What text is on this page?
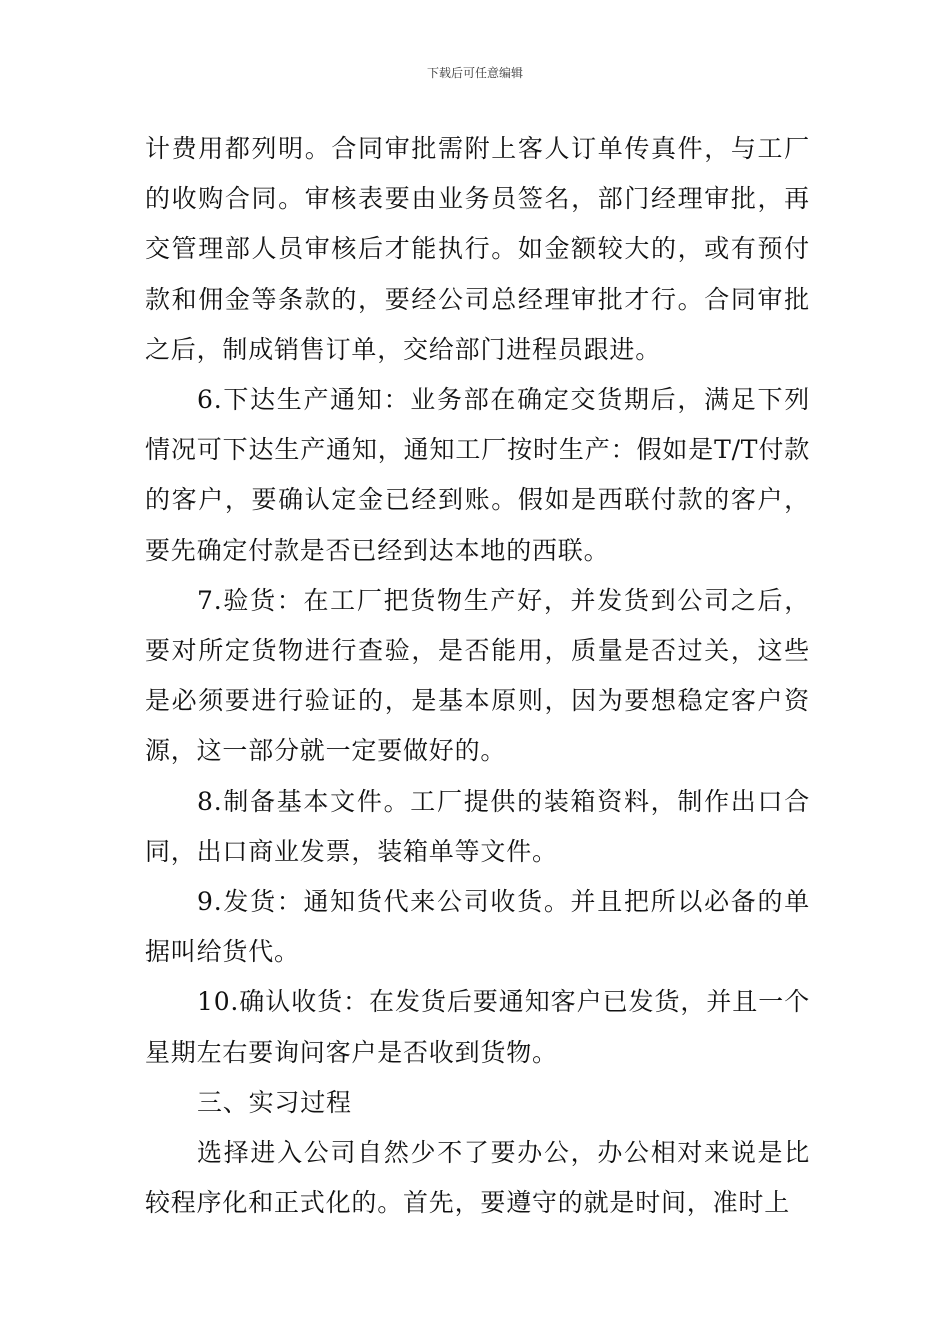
下载后可任意编辑

计费用都列明。合同审批需附上客人订单传真件，与工厂的收购合同。审核表要由业务员签名，部门经理审批，再交管理部人员审核后才能执行。如金额较大的，或有预付款和佣金等条款的，要经公司总经理审批才行。合同审批之后，制成销售订单，交给部门进程员跟进。

6.下达生产通知：业务部在确定交货期后，满足下列情况可下达生产通知，通知工厂按时生产：假如是T/T付款的客户，要确认定金已经到账。假如是西联付款的客户，要先确定付款是否已经到达本地的西联。

7.验货：在工厂把货物生产好，并发货到公司之后，要对所定货物进行查验，是否能用，质量是否过关，这些是必须要进行验证的，是基本原则，因为要想稳定客户资源，这一部分就一定要做好的。

8.制备基本文件。工厂提供的装箱资料，制作出口合同，出口商业发票，装箱单等文件。

9.发货：通知货代来公司收货。并且把所以必备的单据叫给货代。

10.确认收货：在发货后要通知客户已发货，并且一个星期左右要询问客户是否收到货物。

三、实习过程

选择进入公司自然少不了要办公，办公相对来说是比较程序化和正式化的。首先，要遵守的就是时间，准时上
